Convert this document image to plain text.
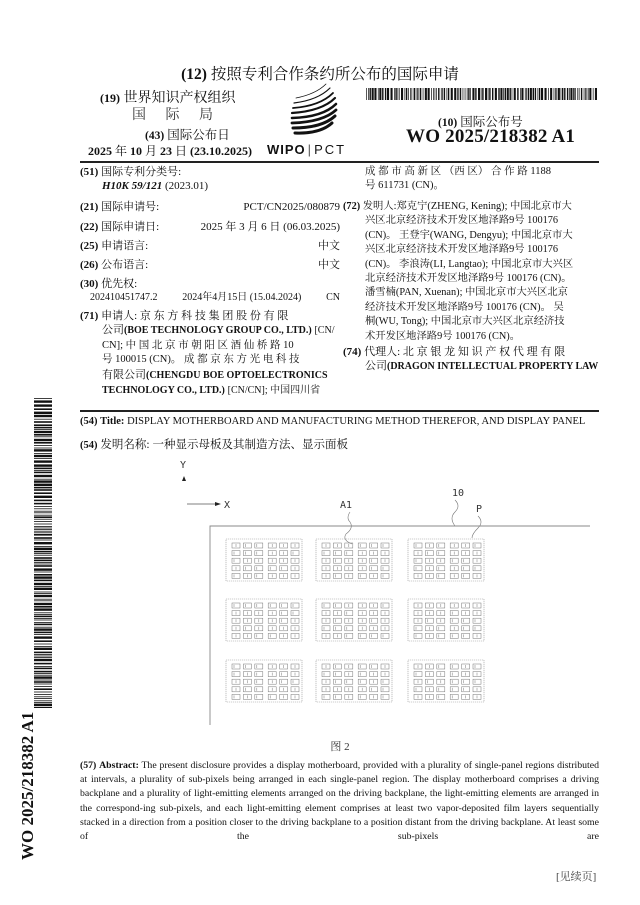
(12) 按照专利合作条约所公布的国际申请
(19) 世界知识产权组织
国 际 局
(43) 国际公布日
2025 年 10 月 23 日 (23.10.2025) WIPO | PCT
(10) 国际公布号
WO 2025/218382 A1
(51) 国际专利分类号:
H10K 59/121 (2023.01)
(21) 国际申请号:	PCT/CN2025/080879
(22) 国际申请日:	2025 年 3 月 6 日 (06.03.2025)
(25) 申请语言:	中文
(26) 公布语言:	中文
(30) 优先权:
202410451747.2 2024年4月15日 (15.04.2024) CN
(71) 申请人: 京 东 方 科 技 集 团 股 份 有 限
公司(BOE TECHNOLOGY GROUP CO., LTD.) [CN/
CN]; 中 国 北 京 市 朝 阳 区 酒 仙 桥 路 10
号 100015 (CN)。 成 都 京 东 方 光 电 科 技
有限公司(CHENGDU BOE OPTOELECTRONICS
TECHNOLOGY CO., LTD.) [CN/CN]; 中国四川省
成 都 市 高 新 区 （西 区） 合 作 路 1188
号 611731 (CN)。
(72) 发明人:郑克宁(ZHENG, Kening); 中国北京市大
兴区北京经济技术开发区地泽路9号 100176
(CN)。 王登宇(WANG, Dengyu); 中国北京市大
兴区北京经济技术开发区地泽路9号 100176
(CN)。 李浪涛(LI, Langtao); 中国北京市大兴区
北京经济技术开发区地泽路9号 100176 (CN)。
潘雪楠(PAN, Xuenan); 中国北京市大兴区北京
经济技术开发区地泽路9号 100176 (CN)。 吴
桐(WU, Tong); 中国北京市大兴区北京经济技
术开发区地泽路9号 100176 (CN)。
(74) 代理人: 北 京 银 龙 知 识 产 权 代 理 有 限
公司(DRAGON INTELLECTUAL PROPERTY LAW
(54) Title: DISPLAY MOTHERBOARD AND MANUFACTURING METHOD THEREFOR, AND DISPLAY PANEL
(54) 发明名称: 一种显示母板及其制造方法、显示面板
Y
X	A1
10
P
图 2
(57) Abstract: The present disclosure provides a display motherboard, provided with a plurality of single-panel regions distributed at intervals, a plurality of sub-pixels being arranged in each single-panel region. The display motherboard comprises a driving backplane and a plurality of light-emitting elements arranged on the driving backplane, the light-emitting elements are arranged in the correspond-ing sub-pixels, and each light-emitting element comprises at least two vapor-deposited film layers sequentially stacked in a direction from a position closer to the driving backplane to a position distant from the driving backplane. At least some of the sub-pixels are
[见续页]
WO 2025/218382 A1
